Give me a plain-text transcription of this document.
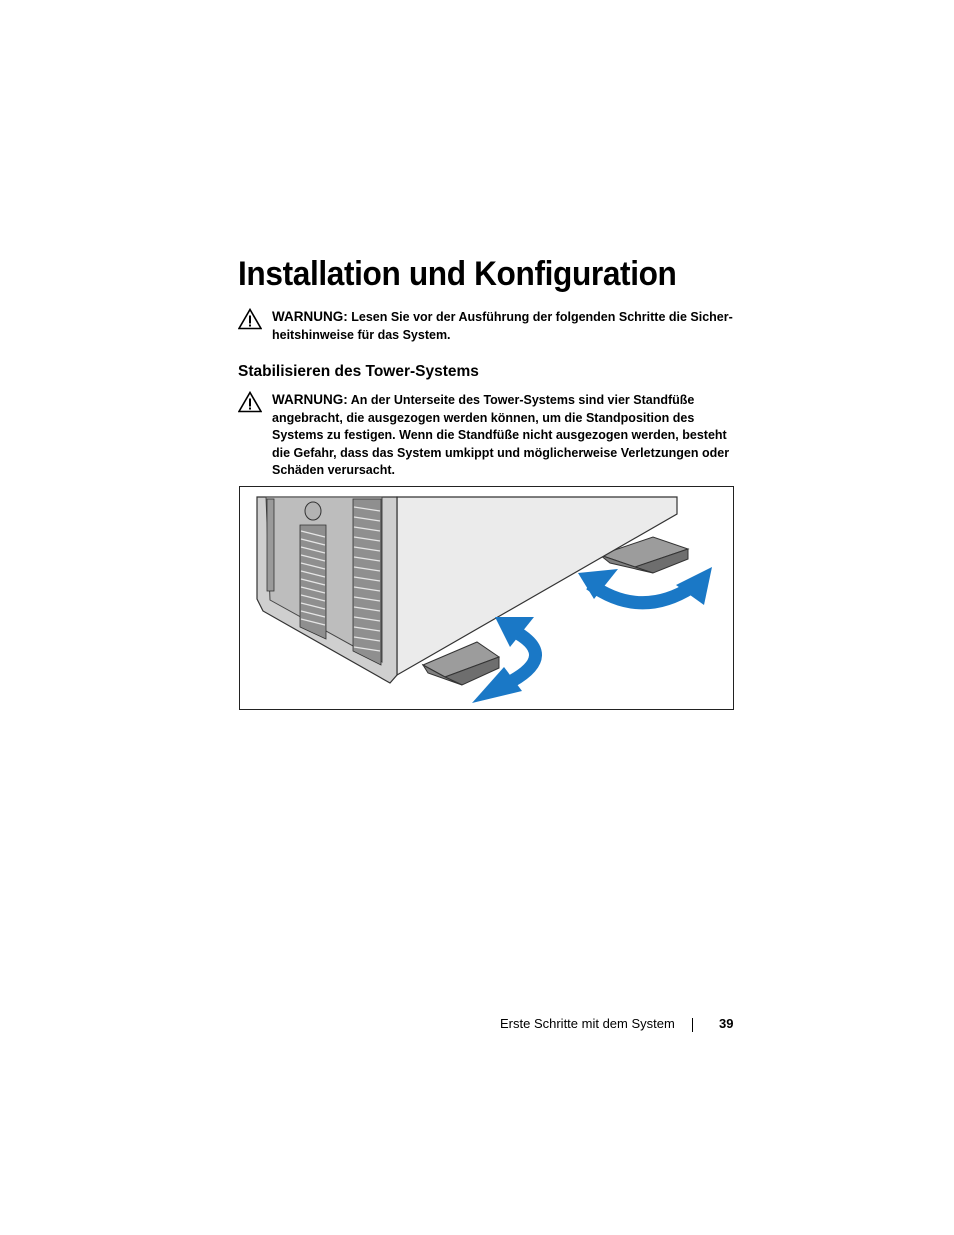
Installation und Konfiguration
WARNUNG: Lesen Sie vor der Ausführung der folgenden Schritte die Sicher-heitshinweise für das System.
Stabilisieren des Tower-Systems
WARNUNG: An der Unterseite des Tower-Systems sind vier Standfüße angebracht, die ausgezogen werden können, um die Standposition des Systems zu festigen. Wenn die Standfüße nicht ausgezogen werden, besteht die Gefahr, dass das System umkippt und möglicherweise Verletzungen oder Schäden verursacht.
Erste Schritte mit dem System	39
